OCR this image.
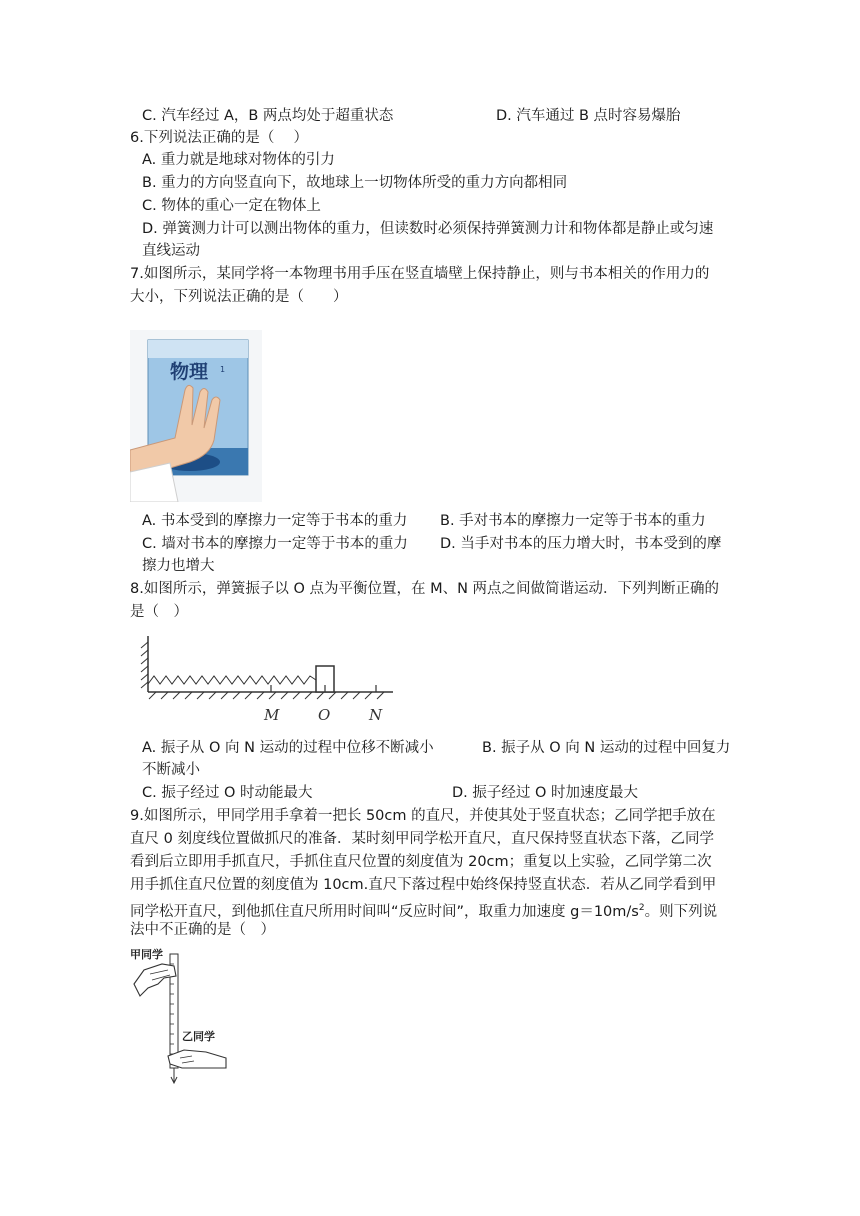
C. 汽车经过 A，B 两点均处于超重状态	D. 汽车通过 B 点时容易爆胎
6.下列说法正确的是（　 ）
A. 重力就是地球对物体的引力
B. 重力的方向竖直向下，故地球上一切物体所受的重力方向都相同
C. 物体的重心一定在物体上
D. 弹簧测力计可以测出物体的重力，但读数时必须保持弹簧测力计和物体都是静止或匀速
直线运动
7.如图所示，某同学将一本物理书用手压在竖直墙壁上保持静止，则与书本相关的作用力的
大小，下列说法正确的是（　　）
物理 1
A. 书本受到的摩擦力一定等于书本的重力 B. 手对书本的摩擦力一定等于书本的重力
C. 墙对书本的摩擦力一定等于书本的重力 D. 当手对书本的压力增大时，书本受到的摩
擦力也增大
8.如图所示，弹簧振子以 O 点为平衡位置，在 M、N 两点之间做简谐运动．下列判断正确的
是（　）
M	O	N
A. 振子从 O 向 N 运动的过程中位移不断减小	B. 振子从 O 向 N 运动的过程中回复力
不断减小
C. 振子经过 O 时动能最大	D. 振子经过 O 时加速度最大
9.如图所示，甲同学用手拿着一把长 50cm 的直尺，并使其处于竖直状态；乙同学把手放在
直尺 0 刻度线位置做抓尺的准备．某时刻甲同学松开直尺，直尺保持竖直状态下落，乙同学
看到后立即用手抓直尺，手抓住直尺位置的刻度值为 20cm；重复以上实验，乙同学第二次
用手抓住直尺位置的刻度值为 10cm.直尺下落过程中始终保持竖直状态．若从乙同学看到甲
同学松开直尺，到他抓住直尺所用时间叫“反应时间”，取重力加速度 $g=10m/s^2$。则下列说
法中不正确的是（　）
甲同学
乙同学
